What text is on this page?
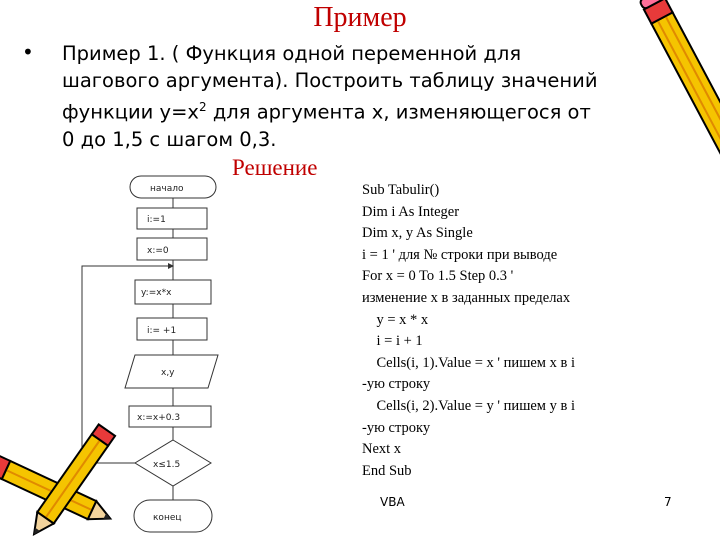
Пример
• Пример 1. ( Функция одной переменной для шагового аргумента). Построить таблицу значений функции $y=x^2$ для аргумента x, изменяющегося от 0 до 1,5 с шагом 0,3.
Решение
Sub Tabulir()
Dim i As Integer
Dim x, y As Single
i = 1 ' для № строки при выводе
For x = 0 To 1.5 Step 0.3 '
изменение x в заданных пределах
y = x * x
i = i + 1
Cells(i, 1).Value = x ' пишем x в i
-ую строку
Cells(i, 2).Value = y ' пишем y в i
-ую строку
Next x
End Sub
начало
i:=1
x:=0
y:=x*x
i:= +1
x,y
x:=x+0.3
x≤1.5
конец
VBA	7
